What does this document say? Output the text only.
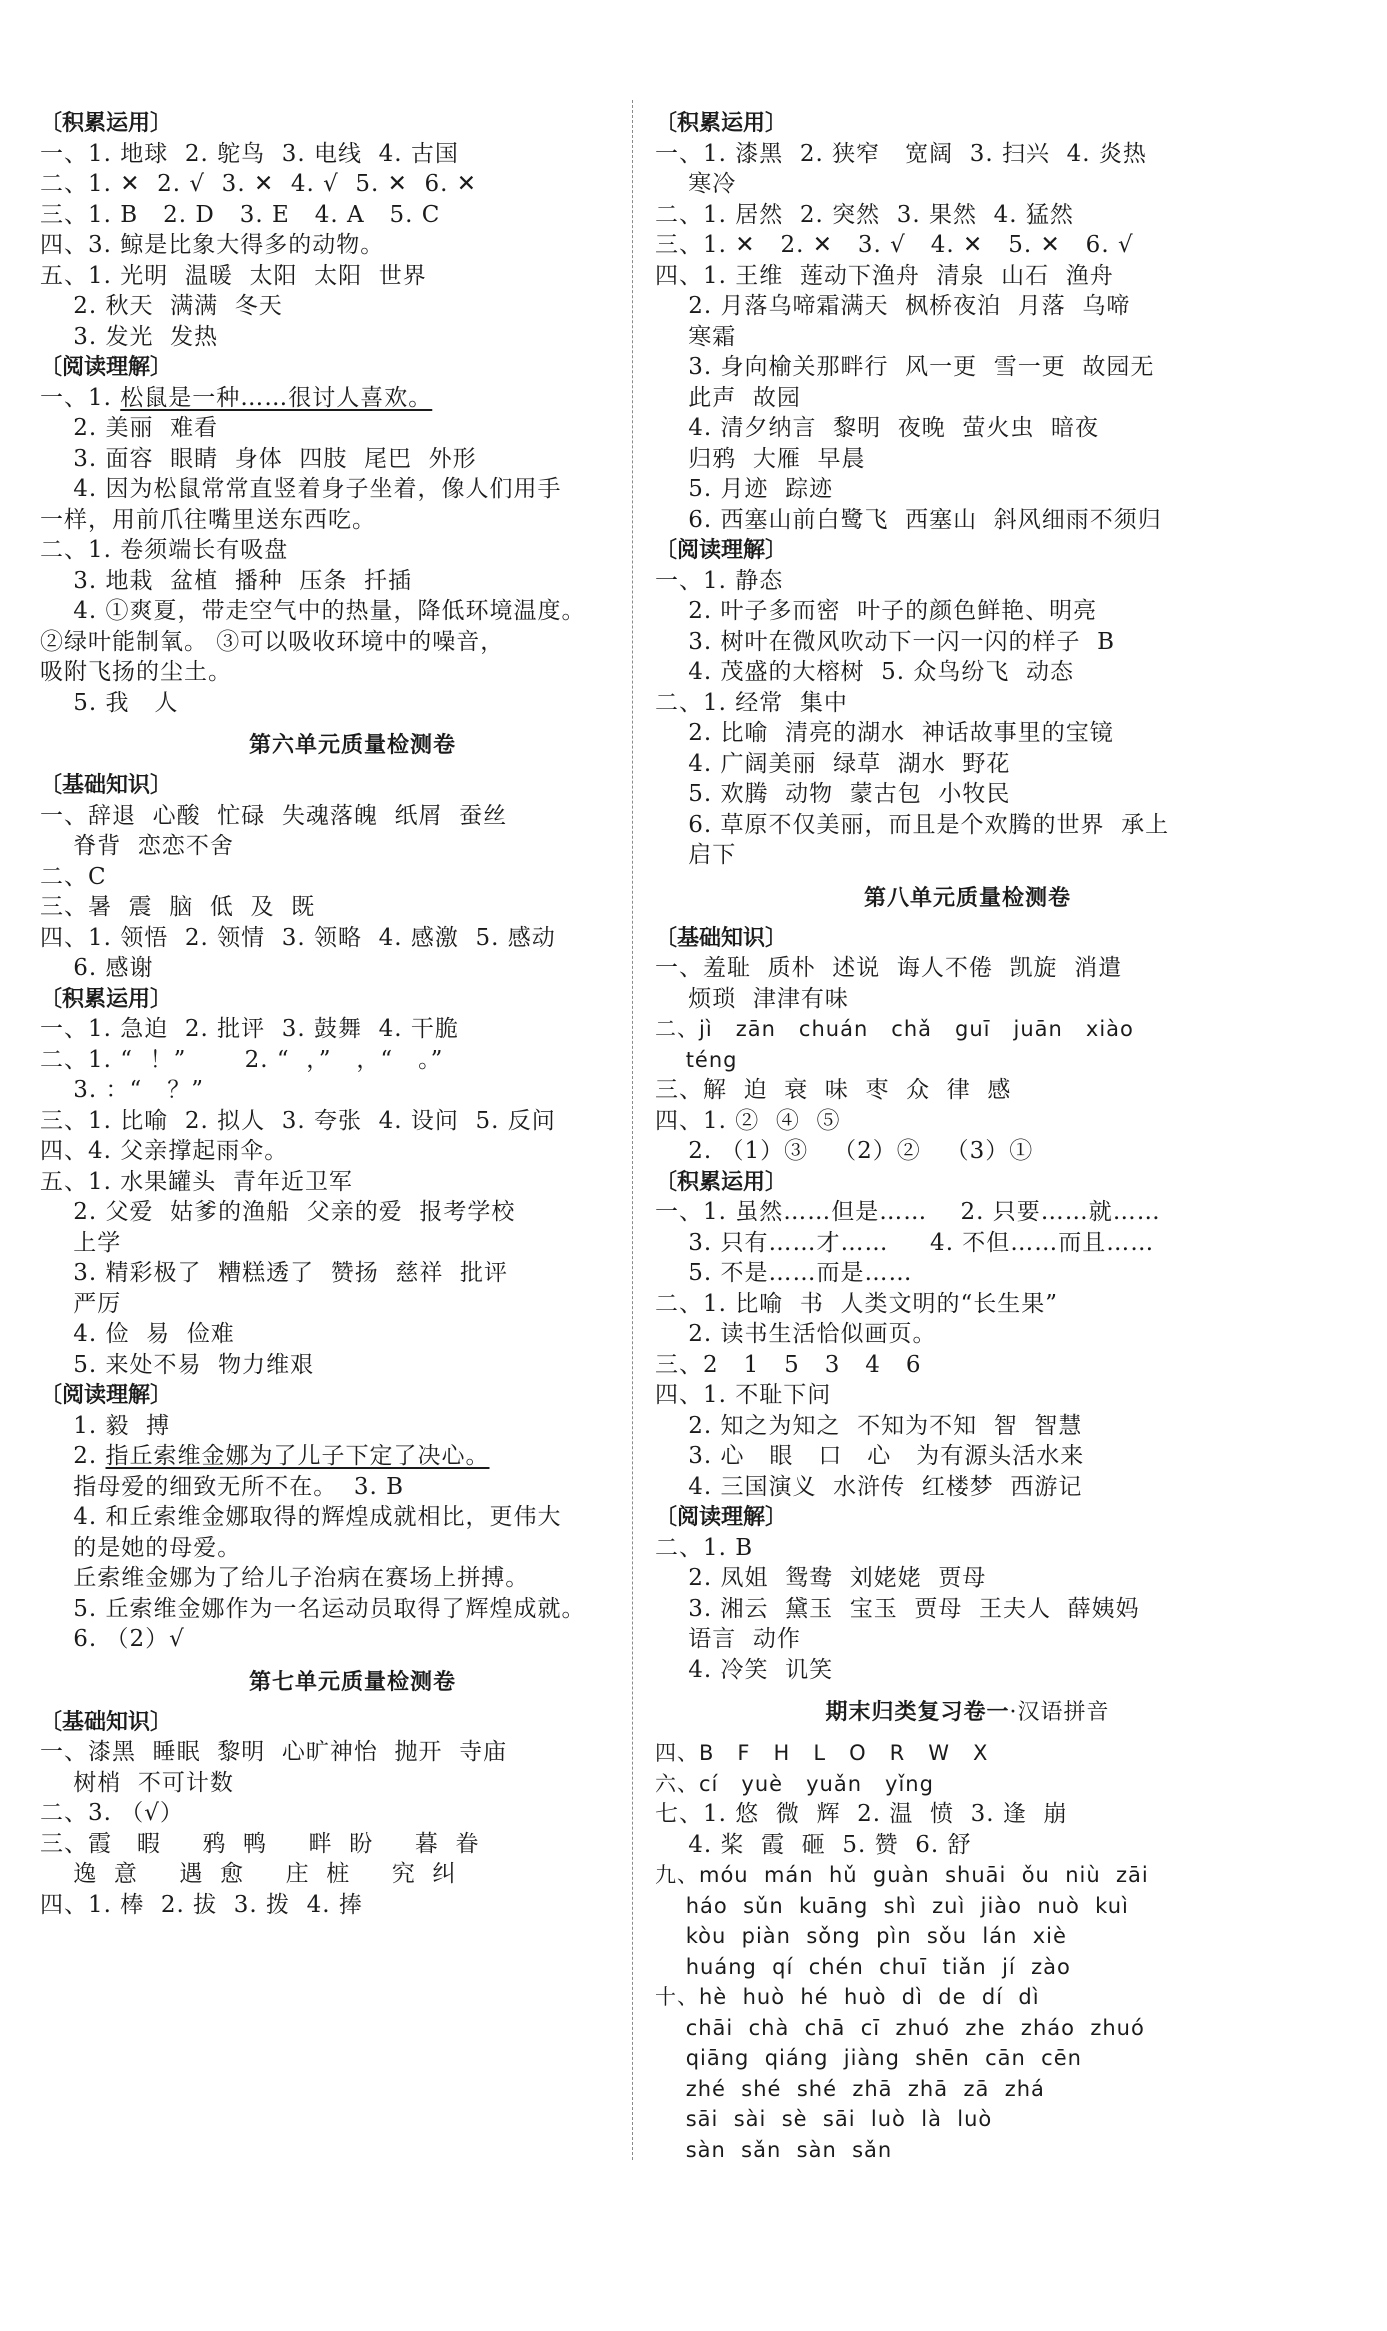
〔积累运用〕
一、1. 地球  2. 鸵鸟  3. 电线  4. 古国
二、1. ✕  2. √  3. ✕  4. √  5. ✕  6. ✕
三、1. B   2. D   3. E   4. A   5. C
四、3. 鲸是比象大得多的动物。
五、1. 光明  温暖  太阳  太阳  世界
2. 秋天  满满  冬天
3. 发光  发热
〔阅读理解〕
一、1. 松鼠是一种……很讨人喜欢。
2. 美丽  难看
3. 面容  眼睛  身体  四肢  尾巴  外形
4. 因为松鼠常常直竖着身子坐着，像人们用手
一样，用前爪往嘴里送东西吃。
二、1. 卷须端长有吸盘
3. 地栽  盆植  播种  压条  扦插
4. ①爽夏，带走空气中的热量，降低环境温度。
②绿叶能制氧。 ③可以吸收环境中的噪音，
吸附飞扬的尘土。
5. 我   人
第六单元质量检测卷
〔基础知识〕
一、辞退  心酸  忙碌  失魂落魄  纸屑  蚕丝
脊背  恋恋不舍
二、C
三、暑  震  脑  低  及  既
四、1. 领悟  2. 领情  3. 领略  4. 感激  5. 感动
6. 感谢
〔积累运用〕
一、1. 急迫  2. 批评  3. 鼓舞  4. 干脆
二、1. “  ！”       2. “  ，”   ，“   。”
3. ：“   ？”
三、1. 比喻  2. 拟人  3. 夸张  4. 设问  5. 反问
四、4. 父亲撑起雨伞。
五、1. 水果罐头  青年近卫军
2. 父爱  姑爹的渔船  父亲的爱  报考学校
上学
3. 精彩极了  糟糕透了  赞扬  慈祥  批评
严厉
4. 俭  易  俭难
5. 来处不易  物力维艰
〔阅读理解〕
1. 毅  搏
2. 指丘索维金娜为了儿子下定了决心。
指母爱的细致无所不在。  3. B
4. 和丘索维金娜取得的辉煌成就相比，更伟大
的是她的母爱。
丘索维金娜为了给儿子治病在赛场上拼搏。
5. 丘索维金娜作为一名运动员取得了辉煌成就。
6. （2）√
第七单元质量检测卷
〔基础知识〕
一、漆黑  睡眠  黎明  心旷神怡  抛开  寺庙
树梢  不可计数
二、3. （√）
三、霞   暇     鸦  鸭     畔  盼     暮  眷
逸  意     遇  愈     庄  桩     究  纠
四、1. 棒  2. 拔  3. 拨  4. 捧
〔积累运用〕
一、1. 漆黑  2. 狭窄   宽阔  3. 扫兴  4. 炎热
寒冷
二、1. 居然  2. 突然  3. 果然  4. 猛然
三、1. ✕   2. ✕   3. √   4. ✕   5. ✕   6. √
四、1. 王维  莲动下渔舟  清泉  山石  渔舟
2. 月落乌啼霜满天  枫桥夜泊  月落  乌啼
寒霜
3. 身向榆关那畔行  风一更  雪一更  故园无
此声  故园
4. 清夕纳言  黎明  夜晚  萤火虫  暗夜
归鸦  大雁  早晨
5. 月迹  踪迹
6. 西塞山前白鹭飞  西塞山  斜风细雨不须归
〔阅读理解〕
一、1. 静态
2. 叶子多而密  叶子的颜色鲜艳、明亮
3. 树叶在微风吹动下一闪一闪的样子  B
4. 茂盛的大榕树  5. 众鸟纷飞  动态
二、1. 经常  集中
2. 比喻  清亮的湖水  神话故事里的宝镜
4. 广阔美丽  绿草  湖水  野花
5. 欢腾  动物  蒙古包  小牧民
6. 草原不仅美丽，而且是个欢腾的世界  承上
启下
第八单元质量检测卷
〔基础知识〕
一、羞耻  质朴  述说  诲人不倦  凯旋  消遣
烦琐  津津有味
二、jì   zān   chuán   chǎ   guī   juān   xiào
téng
三、解  迫  衰  味  枣  众  律  感
四、1. ②  ④  ⑤
2. （1）③   （2）②   （3）①
〔积累运用〕
一、1. 虽然……但是……    2. 只要……就……
3. 只有……才……     4. 不但……而且……
5. 不是……而是……
二、1. 比喻  书  人类文明的“长生果”
2. 读书生活恰似画页。
三、2   1   5   3   4   6
四、1. 不耻下问
2. 知之为知之  不知为不知  智  智慧
3. 心   眼   口   心   为有源头活水来
4. 三国演义  水浒传  红楼梦  西游记
〔阅读理解〕
二、1. B
2. 凤姐  鸳鸯  刘姥姥  贾母
3. 湘云  黛玉  宝玉  贾母  王夫人  薛姨妈
语言  动作
4. 冷笑  讥笑
期末归类复习卷一·汉语拼音
四、B   F   H   L   O   R   W   X
六、cí   yuè   yuǎn   yǐng
七、1. 悠  微  辉  2. 温  愤  3. 逢  崩
4. 桨  霞  砸  5. 赞  6. 舒
九、móu  mán  hǔ  guàn  shuāi  ǒu  niù  zāi
háo  sǔn  kuāng  shì  zuì  jiào  nuò  kuì
kòu  piàn  sǒng  pìn  sǒu  lán  xiè
huáng  qí  chén  chuī  tiǎn  jí  zào
十、hè  huò  hé  huò  dì  de  dí  dì
chāi  chà  chā  cī  zhuó  zhe  zháo  zhuó
qiāng  qiáng  jiàng  shēn  cān  cēn
zhé  shé  shé  zhā  zhā  zā  zhá
sāi  sài  sè  sāi  luò  là  luò
sàn  sǎn  sàn  sǎn
